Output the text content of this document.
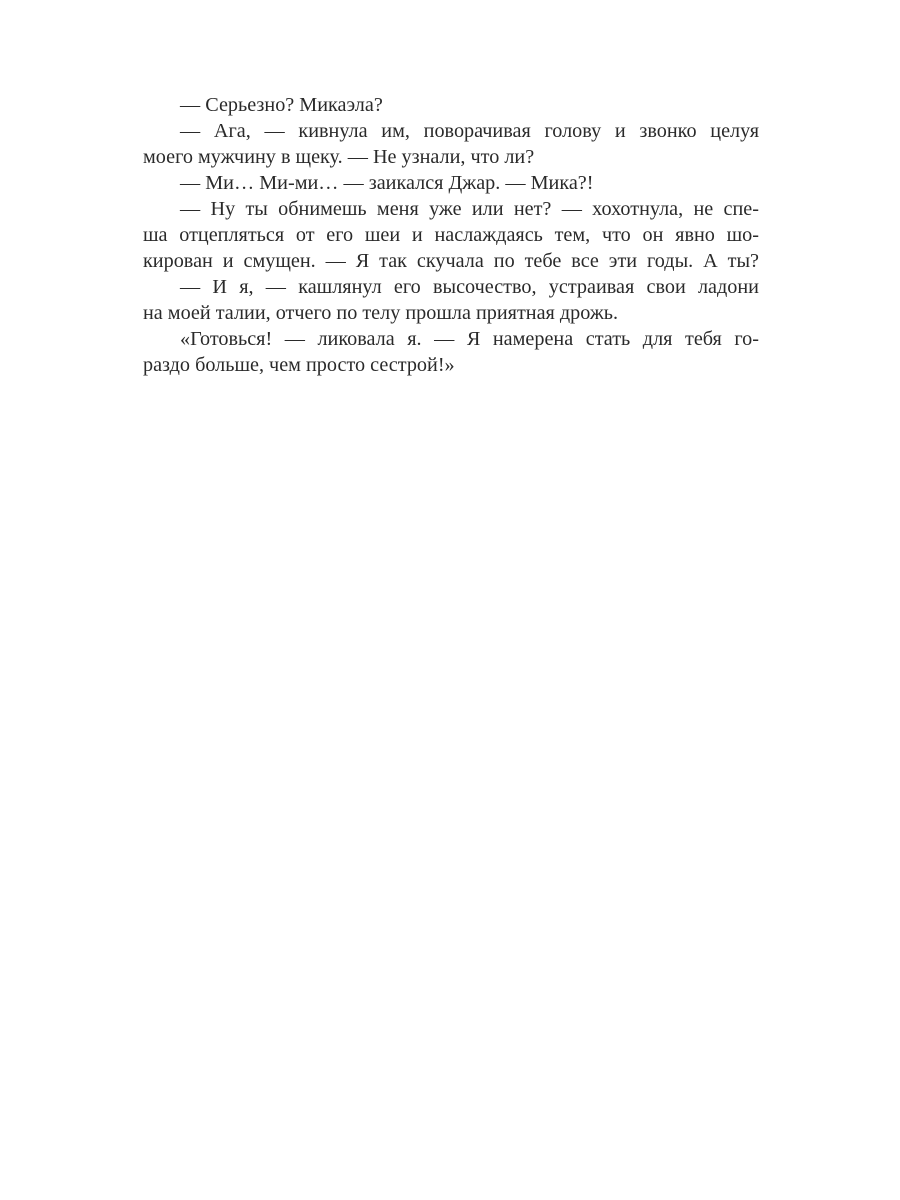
— Серьезно? Микаэла?
— Ага, — кивнула им, поворачивая голову и звонко целуя
моего мужчину в щеку. — Не узнали, что ли?
— Ми… Ми-ми… — заикался Джар. — Мика?!
— Ну ты обнимешь меня уже или нет? — хохотнула, не спе-
ша отцепляться от его шеи и наслаждаясь тем, что он явно шо-
кирован и смущен. — Я так скучала по тебе все эти годы. А ты?
— И я, — кашлянул его высочество, устраивая свои ладони
на моей талии, отчего по телу прошла приятная дрожь.
«Готовься! — ликовала я. — Я намерена стать для тебя го-
раздо больше, чем просто сестрой!»
